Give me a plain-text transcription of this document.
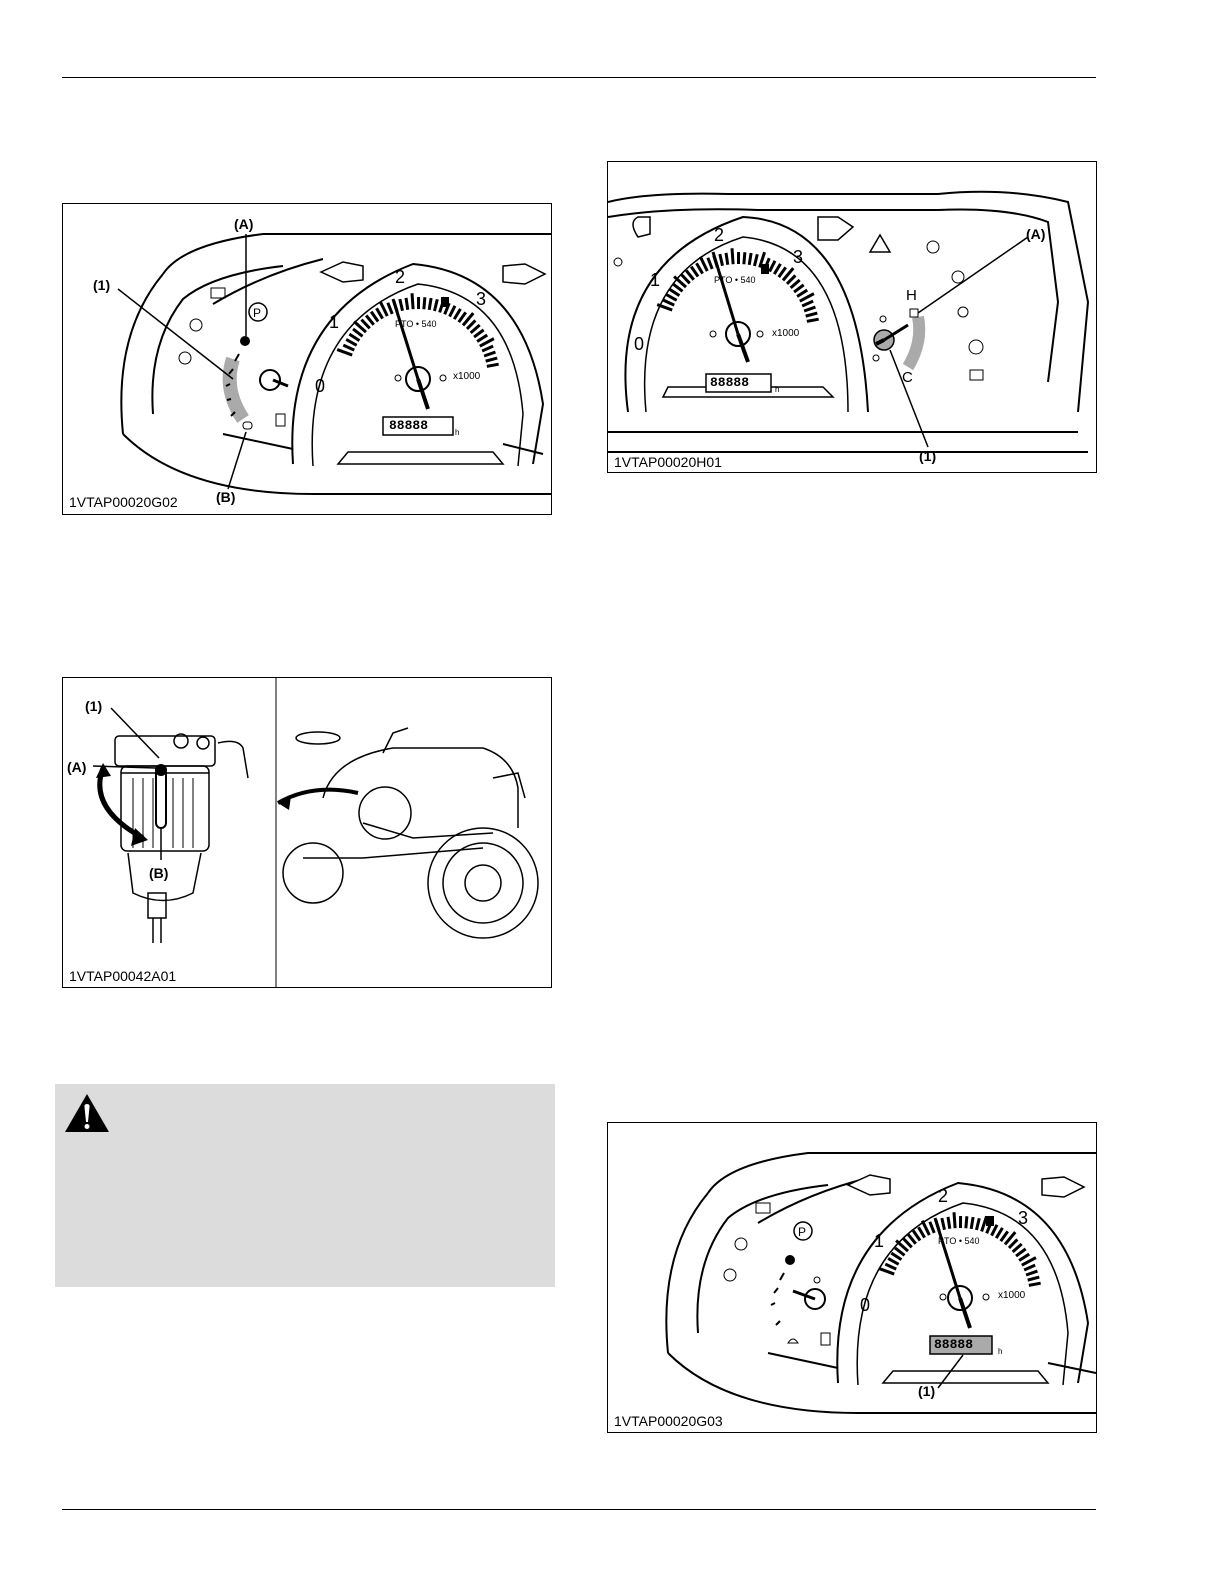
P
(A)
(1)
(B)
0
1
2
3
PTO • 540
x1000
88888	h
1VTAP00020G02
(A)
(1)
H
C
0
1
2
3
PTO • 540
x1000
88888	h
1VTAP00020H01
(1)
(A)
(B)
1VTAP00042A01
P
(1)
0
1
2
3
PTO • 540
x1000
88888	h
1VTAP00020G03
